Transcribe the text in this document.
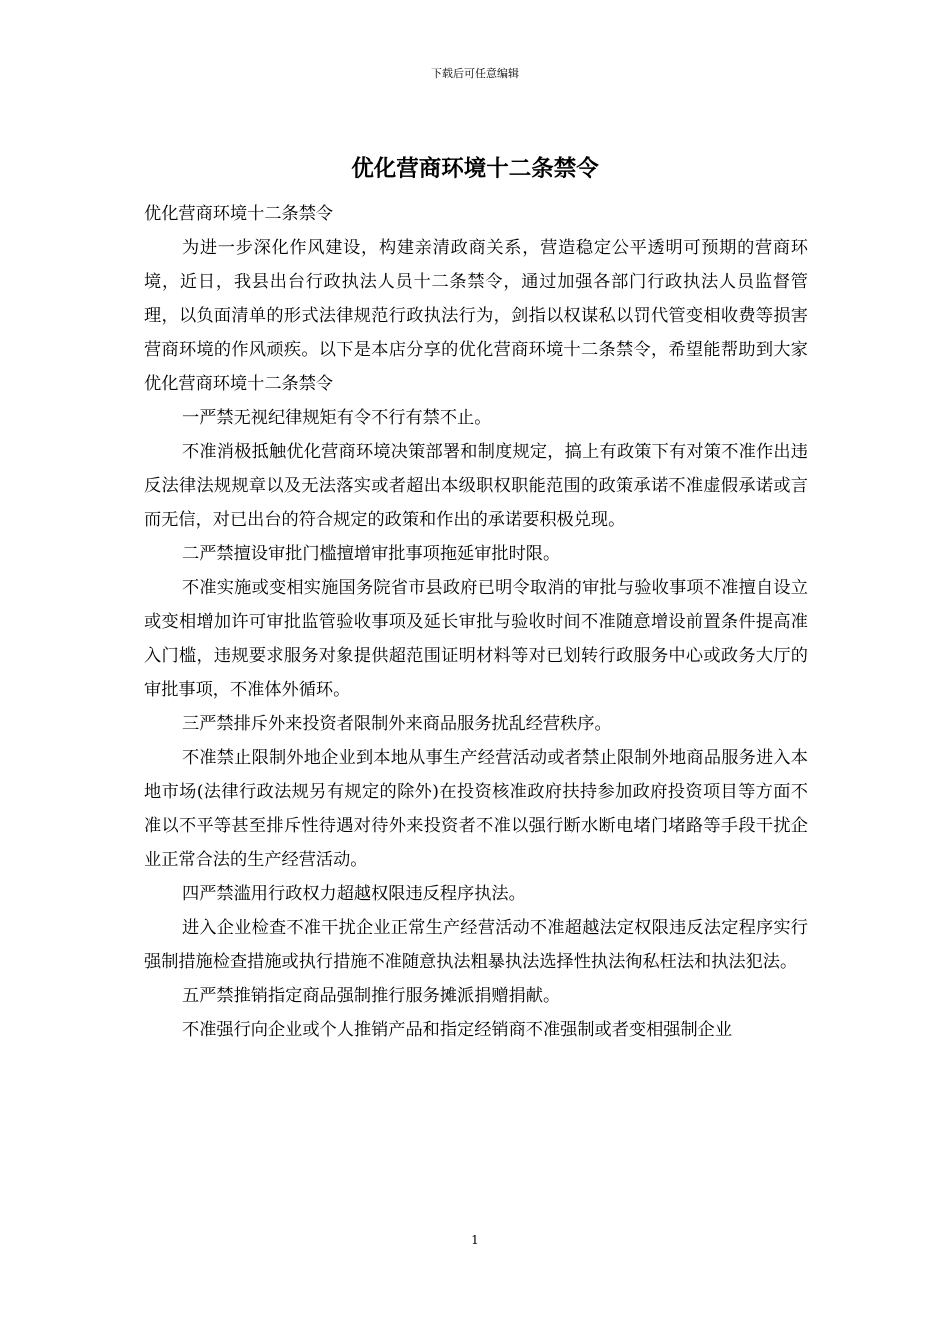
下载后可任意编辑
优化营商环境十二条禁令

优化营商环境十二条禁令

为进一步深化作风建设，构建亲清政商关系，营造稳定公平透明可预期的营商环境，近日，我县出台行政执法人员十二条禁令，通过加强各部门行政执法人员监督管理，以负面清单的形式法律规范行政执法行为，剑指以权谋私以罚代管变相收费等损害营商环境的作风顽疾。以下是本店分享的优化营商环境十二条禁令，希望能帮助到大家优化营商环境十二条禁令

一严禁无视纪律规矩有令不行有禁不止。

不准消极抵触优化营商环境决策部署和制度规定，搞上有政策下有对策不准作出违反法律法规规章以及无法落实或者超出本级职权职能范围的政策承诺不准虚假承诺或言而无信，对已出台的符合规定的政策和作出的承诺要积极兑现。

二严禁擅设审批门槛擅增审批事项拖延审批时限。

不准实施或变相实施国务院省市县政府已明令取消的审批与验收事项不准擅自设立或变相增加许可审批监管验收事项及延长审批与验收时间不准随意增设前置条件提高准入门槛，违规要求服务对象提供超范围证明材料等对已划转行政服务中心或政务大厅的审批事项，不准体外循环。

三严禁排斥外来投资者限制外来商品服务扰乱经营秩序。

不准禁止限制外地企业到本地从事生产经营活动或者禁止限制外地商品服务进入本地市场(法律行政法规另有规定的除外)在投资核准政府扶持参加政府投资项目等方面不准以不平等甚至排斥性待遇对待外来投资者不准以强行断水断电堵门堵路等手段干扰企业正常合法的生产经营活动。

四严禁滥用行政权力超越权限违反程序执法。

进入企业检查不准干扰企业正常生产经营活动不准超越法定权限违反法定程序实行强制措施检查措施或执行措施不准随意执法粗暴执法选择性执法徇私枉法和执法犯法。

五严禁推销指定商品强制推行服务摊派捐赠捐献。

不准强行向企业或个人推销产品和指定经销商不准强制或者变相强制企业

1
